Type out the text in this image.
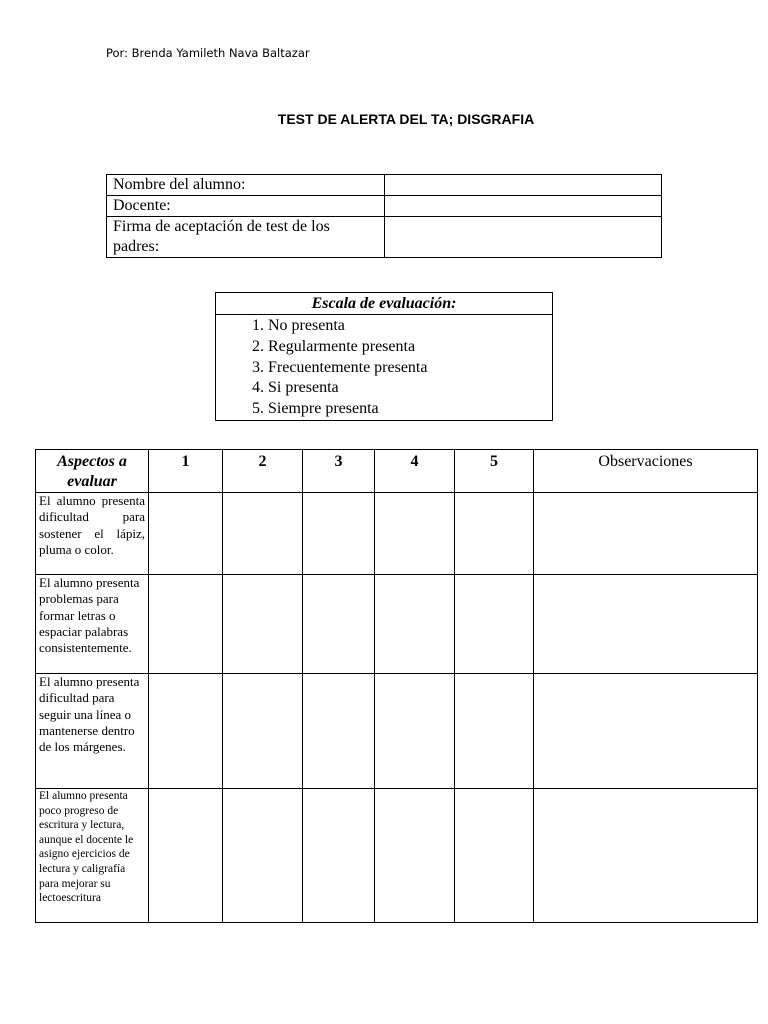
Por: Brenda Yamileth Nava Baltazar
TEST DE ALERTA DEL TA; DISGRAFIA
Nombre del alumno:	
Docente:	
Firma de aceptación de test de los padres:	
Escala de evaluación:

1. No presenta
2. Regularmente presenta
3. Frecuentemente presenta
4. Si presenta
5. Siempre presenta
Aspectos a evaluar	1	2	3	4	5	Observaciones
El alumno presenta dificultad para sostener el lápiz, pluma o color.						
El alumno presenta problemas para formar letras o espaciar palabras consistentemente.						
El alumno presenta dificultad para seguir una línea o mantenerse dentro de los márgenes.						
El alumno presenta poco progreso de escritura y lectura, aunque el docente le asigno ejercicios de lectura y caligrafía para mejorar su lectoescritura						
